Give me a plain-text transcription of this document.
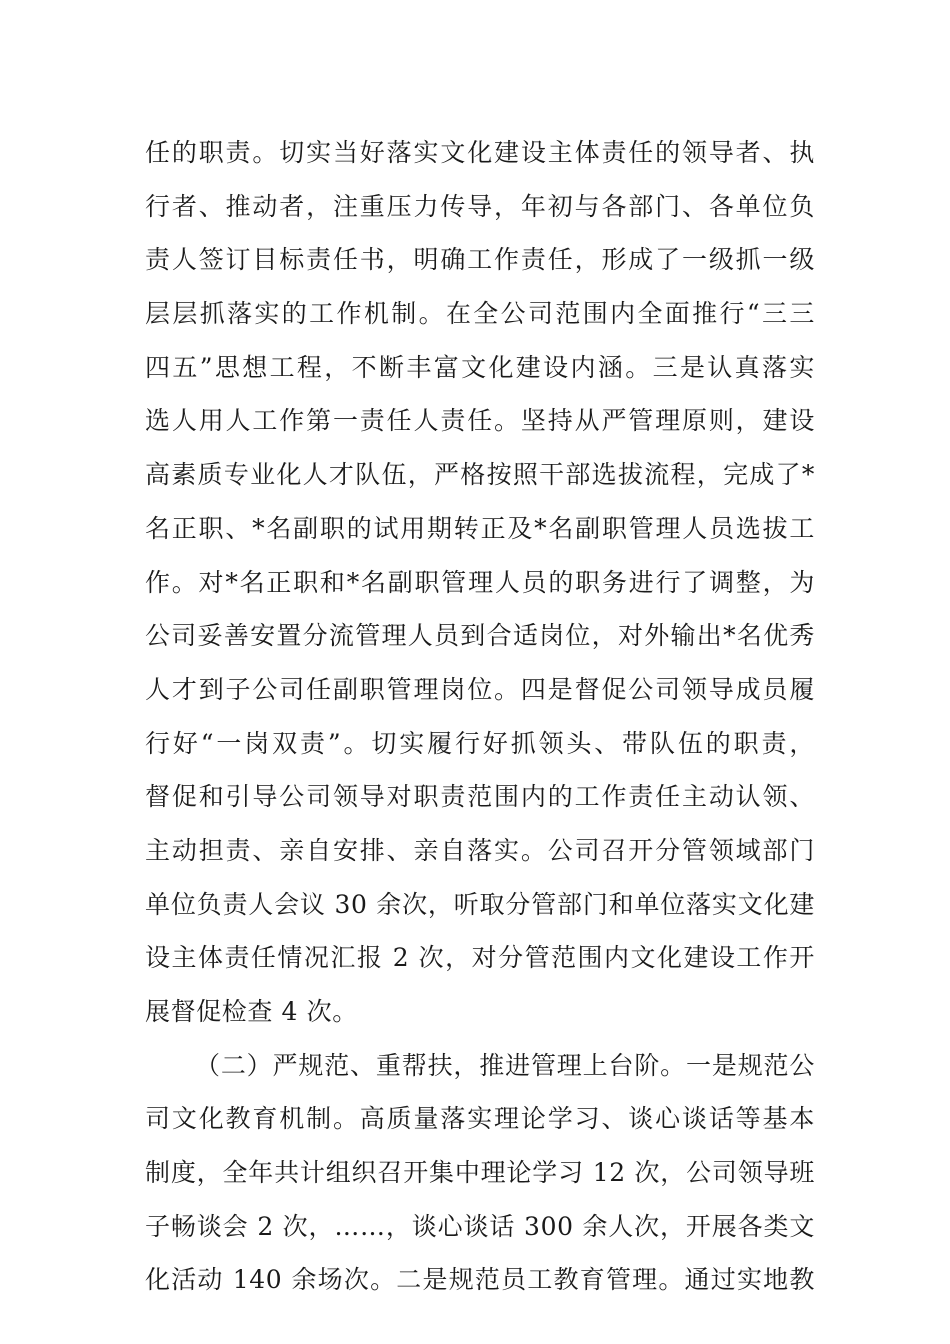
任的职责。切实当好落实文化建设主体责任的领导者、执
行者、推动者，注重压力传导，年初与各部门、各单位负
责人签订目标责任书，明确工作责任，形成了一级抓一级
层层抓落实的工作机制。在全公司范围内全面推行“三三
四五”思想工程，不断丰富文化建设内涵。三是认真落实
选人用人工作第一责任人责任。坚持从严管理原则，建设
高素质专业化人才队伍，严格按照干部选拔流程，完成了*
名正职、*名副职的试用期转正及*名副职管理人员选拔工
作。对*名正职和*名副职管理人员的职务进行了调整，为
公司妥善安置分流管理人员到合适岗位，对外输出*名优秀
人才到子公司任副职管理岗位。四是督促公司领导成员履
行好“一岗双责”。切实履行好抓领头、带队伍的职责，
督促和引导公司领导对职责范围内的工作责任主动认领、
主动担责、亲自安排、亲自落实。公司召开分管领域部门
单位负责人会议 30 余次，听取分管部门和单位落实文化建
设主体责任情况汇报 2 次，对分管范围内文化建设工作开
展督促检查 4 次。
（二）严规范、重帮扶，推进管理上台阶。一是规范公
司文化教育机制。高质量落实理论学习、谈心谈话等基本
制度，全年共计组织召开集中理论学习 12 次，公司领导班
子畅谈会 2 次，……，谈心谈话 300 余人次，开展各类文
化活动 140 余场次。二是规范员工教育管理。通过实地教
